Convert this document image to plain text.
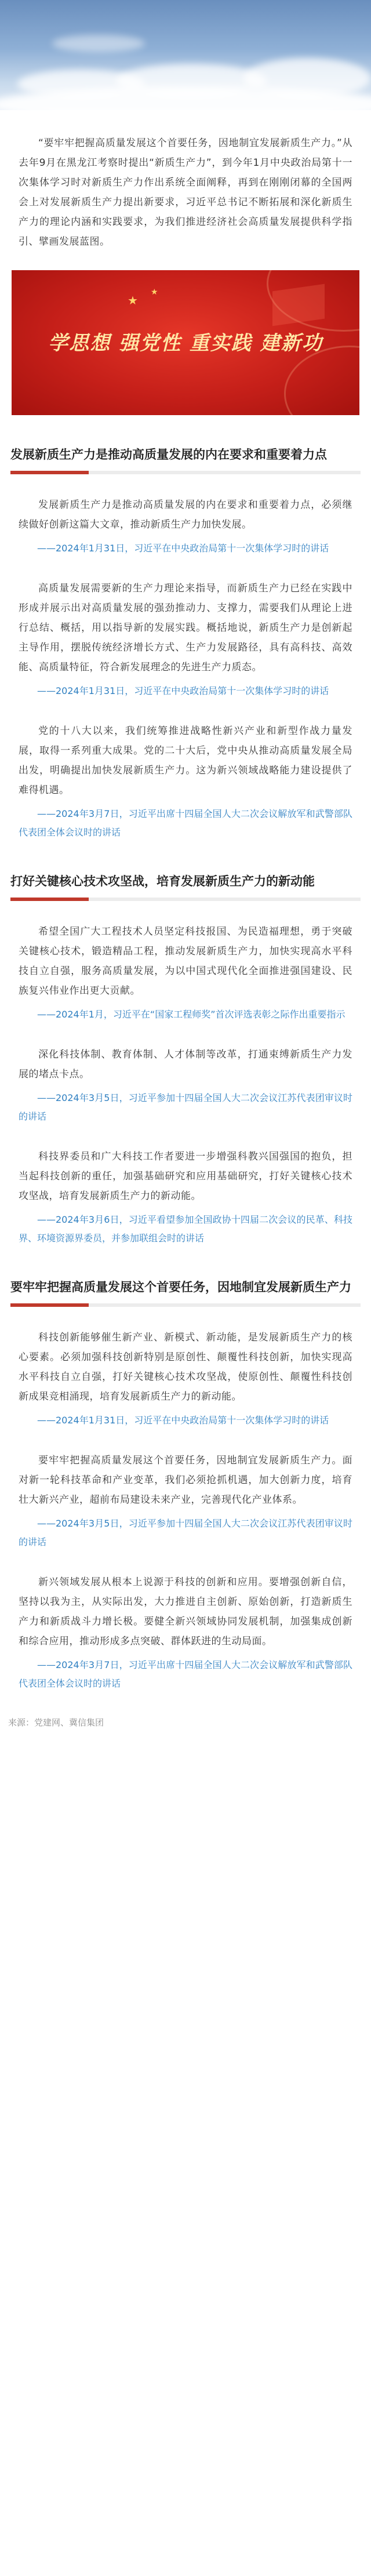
“要牢牢把握高质量发展这个首要任务，因地制宜发展新质生产力。”从去年9月在黑龙江考察时提出“新质生产力”，到今年1月中央政治局第十一次集体学习时对新质生产力作出系统全面阐释，再到在刚刚闭幕的全国两会上对发展新质生产力提出新要求，习近平总书记不断拓展和深化新质生产力的理论内涵和实践要求，为我们推进经济社会高质量发展提供科学指引、擘画发展蓝图。

★
★
学思想 强党性 重实践 建新功
发展新质生产力是推动高质量发展的内在要求和重要着力点

发展新质生产力是推动高质量发展的内在要求和重要着力点，必须继续做好创新这篇大文章，推动新质生产力加快发展。

——2024年1月31日，习近平在中央政治局第十一次集体学习时的讲话

高质量发展需要新的生产力理论来指导，而新质生产力已经在实践中形成并展示出对高质量发展的强劲推动力、支撑力，需要我们从理论上进行总结、概括，用以指导新的发展实践。概括地说，新质生产力是创新起主导作用，摆脱传统经济增长方式、生产力发展路径，具有高科技、高效能、高质量特征，符合新发展理念的先进生产力质态。

——2024年1月31日，习近平在中央政治局第十一次集体学习时的讲话

党的十八大以来，我们统筹推进战略性新兴产业和新型作战力量发展，取得一系列重大成果。党的二十大后，党中央从推动高质量发展全局出发，明确提出加快发展新质生产力。这为新兴领域战略能力建设提供了难得机遇。

——2024年3月7日，习近平出席十四届全国人大二次会议解放军和武警部队代表团全体会议时的讲话

打好关键核心技术攻坚战，培育发展新质生产力的新动能

希望全国广大工程技术人员坚定科技报国、为民造福理想，勇于突破关键核心技术，锻造精品工程，推动发展新质生产力，加快实现高水平科技自立自强，服务高质量发展，为以中国式现代化全面推进强国建设、民族复兴伟业作出更大贡献。

——2024年1月，习近平在“国家工程师奖”首次评选表彰之际作出重要指示

深化科技体制、教育体制、人才体制等改革，打通束缚新质生产力发展的堵点卡点。

——2024年3月5日，习近平参加十四届全国人大二次会议江苏代表团审议时的讲话

科技界委员和广大科技工作者要进一步增强科教兴国强国的抱负，担当起科技创新的重任，加强基础研究和应用基础研究，打好关键核心技术攻坚战，培育发展新质生产力的新动能。

——2024年3月6日，习近平看望参加全国政协十四届二次会议的民革、科技界、环境资源界委员，并参加联组会时的讲话

要牢牢把握高质量发展这个首要任务，因地制宜发展新质生产力

科技创新能够催生新产业、新模式、新动能，是发展新质生产力的核心要素。必须加强科技创新特别是原创性、颠覆性科技创新，加快实现高水平科技自立自强，打好关键核心技术攻坚战，使原创性、颠覆性科技创新成果竞相涌现，培育发展新质生产力的新动能。

——2024年1月31日，习近平在中央政治局第十一次集体学习时的讲话

要牢牢把握高质量发展这个首要任务，因地制宜发展新质生产力。面对新一轮科技革命和产业变革，我们必须抢抓机遇，加大创新力度，培育壮大新兴产业，超前布局建设未来产业，完善现代化产业体系。

——2024年3月5日，习近平参加十四届全国人大二次会议江苏代表团审议时的讲话

新兴领域发展从根本上说源于科技的创新和应用。要增强创新自信，坚持以我为主，从实际出发，大力推进自主创新、原始创新，打造新质生产力和新质战斗力增长极。要健全新兴领域协同发展机制，加强集成创新和综合应用，推动形成多点突破、群体跃进的生动局面。

——2024年3月7日，习近平出席十四届全国人大二次会议解放军和武警部队代表团全体会议时的讲话

来源：党建网、冀信集团
